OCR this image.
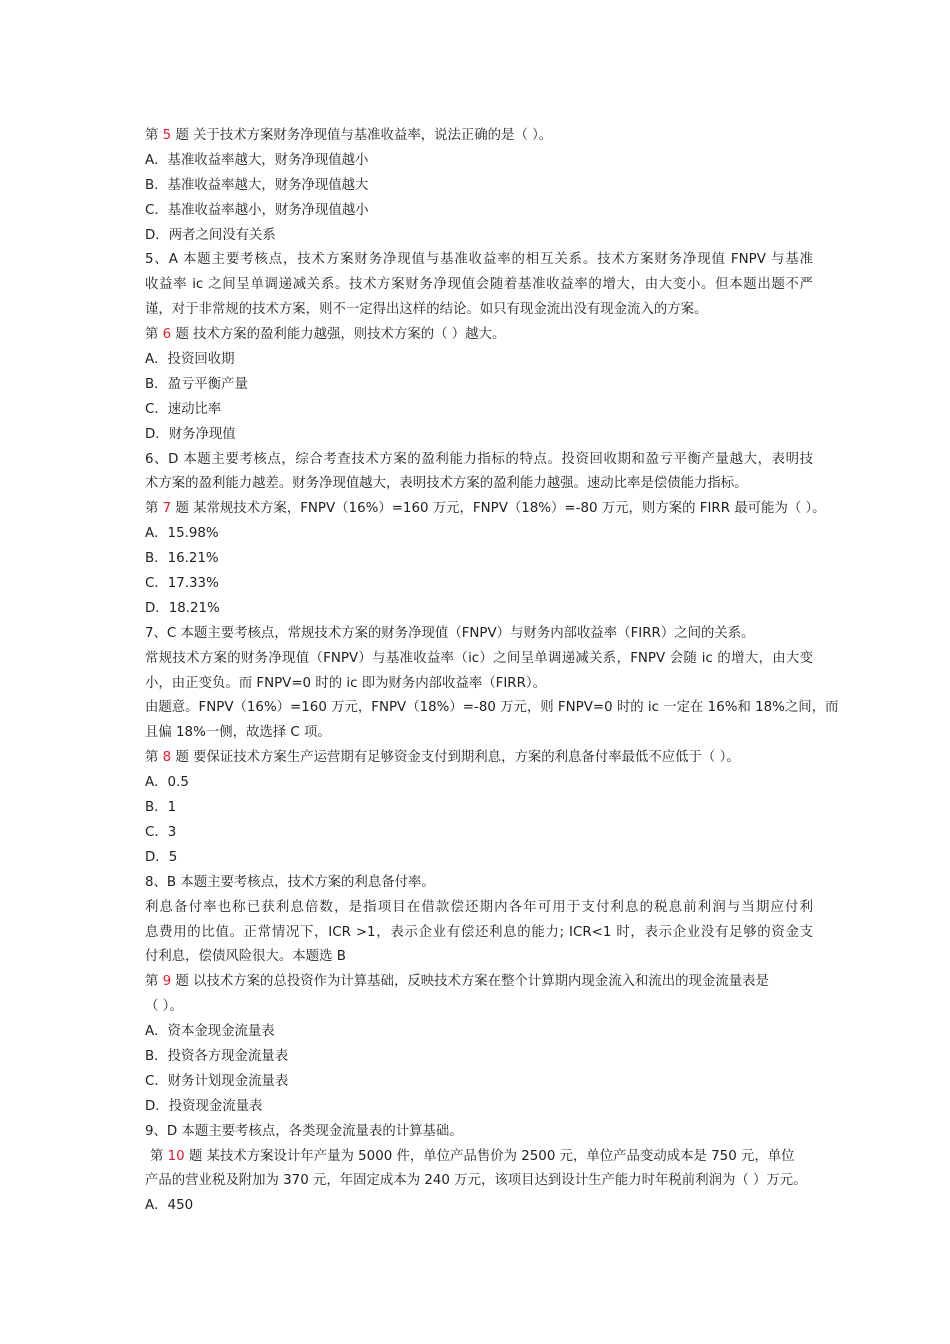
第 5 题 关于技术方案财务净现值与基准收益率，说法正确的是（ ）。
A．基准收益率越大，财务净现值越小
B．基准收益率越大，财务净现值越大
C．基准收益率越小，财务净现值越小
D．两者之间没有关系
5、A 本题主要考核点，技术方案财务净现值与基准收益率的相互关系。技术方案财务净现值 FNPV 与基准
收益率 ic 之间呈单调递减关系。技术方案财务净现值会随着基准收益率的增大，由大变小。但本题出题不严
谨，对于非常规的技术方案，则不一定得出这样的结论。如只有现金流出没有现金流入的方案。
第 6 题 技术方案的盈利能力越强，则技术方案的（ ）越大。
A．投资回收期
B．盈亏平衡产量
C．速动比率
D．财务净现值
6、D 本题主要考核点，综合考查技术方案的盈利能力指标的特点。投资回收期和盈亏平衡产量越大，表明技
术方案的盈利能力越差。财务净现值越大，表明技术方案的盈利能力越强。速动比率是偿债能力指标。
第 7 题 某常规技术方案，FNPV（16%）=160 万元，FNPV（18%）=-80 万元，则方案的 FIRR 最可能为（ ）。
A．15.98%
B．16.21%
C．17.33%
D．18.21%
7、C 本题主要考核点，常规技术方案的财务净现值（FNPV）与财务内部收益率（FIRR）之间的关系。
常规技术方案的财务净现值（FNPV）与基准收益率（ic）之间呈单调递减关系，FNPV 会随 ic 的增大，由大变
小，由正变负。而 FNPV=0 时的 ic 即为财务内部收益率（FIRR）。
由题意。FNPV（16%）=160 万元，FNPV（18%）=-80 万元，则 FNPV=0 时的 ic 一定在 16%和 18%之间，而
且偏 18%一侧，故选择 C 项。
第 8 题 要保证技术方案生产运营期有足够资金支付到期利息，方案的利息备付率最低不应低于（ ）。
A．0.5
B．1
C．3
D．5
8、B 本题主要考核点，技术方案的利息备付率。
利息备付率也称已获利息倍数，是指项目在借款偿还期内各年可用于支付利息的税息前利润与当期应付利
息费用的比值。正常情况下，ICR >1，表示企业有偿还利息的能力; ICR<1 时，表示企业没有足够的资金支
付利息，偿债风险很大。本题选 B
第 9 题 以技术方案的总投资作为计算基础，反映技术方案在整个计算期内现金流入和流出的现金流量表是
（ ）。
A．资本金现金流量表
B．投资各方现金流量表
C．财务计划现金流量表
D．投资现金流量表
9、D 本题主要考核点，各类现金流量表的计算基础。
第 10 题 某技术方案设计年产量为 5000 件，单位产品售价为 2500 元，单位产品变动成本是 750 元，单位
产品的营业税及附加为 370 元，年固定成本为 240 万元，该项目达到设计生产能力时年税前利润为（ ）万元。
A．450
